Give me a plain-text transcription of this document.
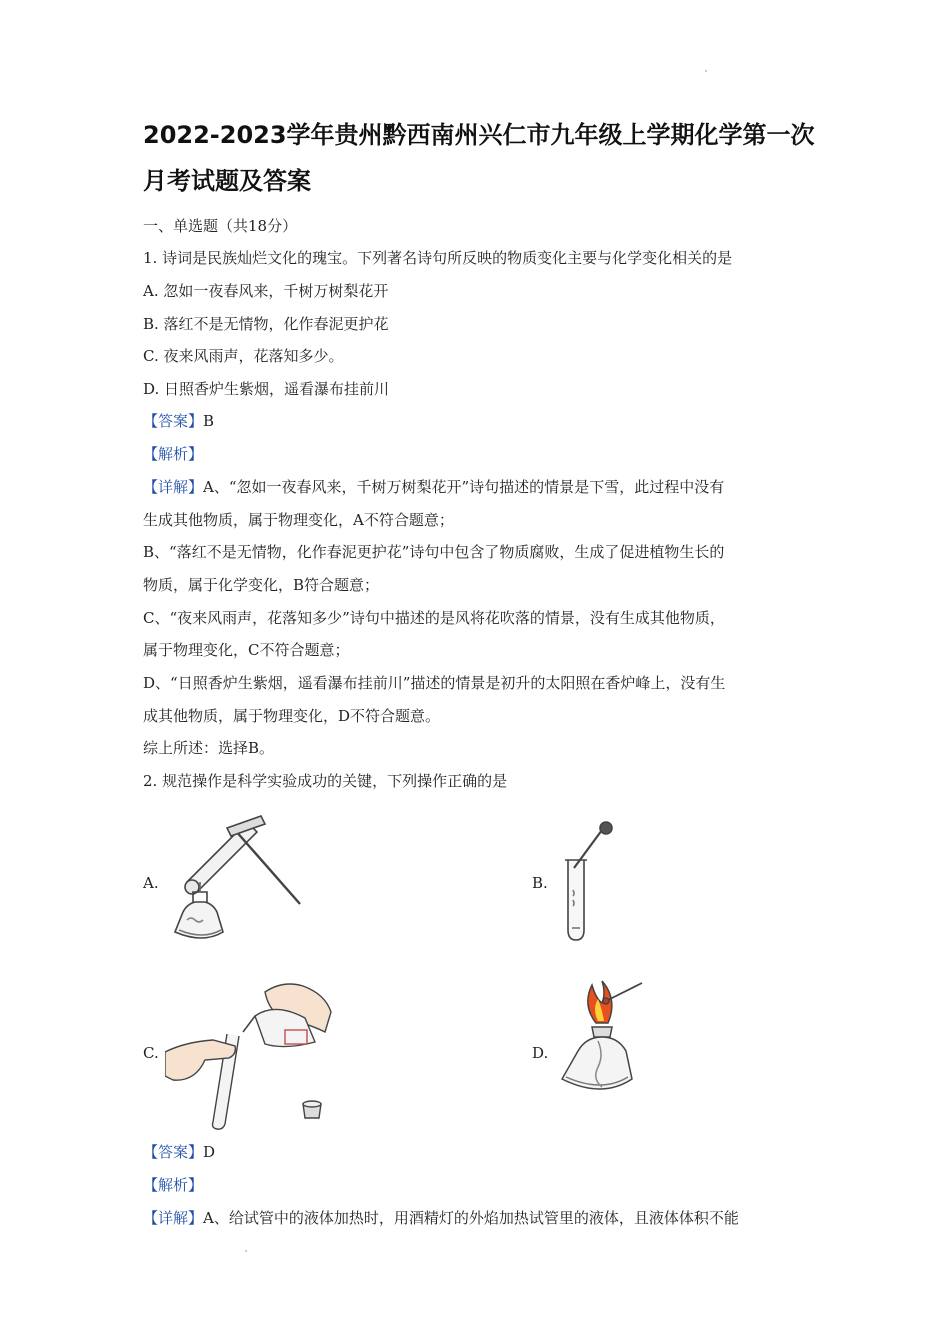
2022-2023学年贵州黔西南州兴仁市九年级上学期化学第一次月考试题及答案
一、单选题（共18分）
1. 诗词是民族灿烂文化的瑰宝。下列著名诗句所反映的物质变化主要与化学变化相关的是
A. 忽如一夜春风来，千树万树梨花开
B. 落红不是无情物，化作春泥更护花
C. 夜来风雨声，花落知多少。
D. 日照香炉生紫烟，遥看瀑布挂前川
【答案】B
【解析】
【详解】A、“忽如一夜春风来，千树万树梨花开”诗句描述的情景是下雪，此过程中没有
生成其他物质，属于物理变化，A不符合题意；
B、“落红不是无情物，化作春泥更护花”诗句中包含了物质腐败，生成了促进植物生长的
物质，属于化学变化，B符合题意；
C、“夜来风雨声，花落知多少”诗句中描述的是风将花吹落的情景，没有生成其他物质，
属于物理变化，C不符合题意；
D、“日照香炉生紫烟，遥看瀑布挂前川”描述的情景是初升的太阳照在香炉峰上，没有生
成其他物质，属于物理变化，D不符合题意。
综上所述：选择B。
2. 规范操作是科学实验成功的关键，下列操作正确的是
A.	B.
C.	D.
【答案】D
【解析】
【详解】A、给试管中的液体加热时，用酒精灯的外焰加热试管里的液体，且液体体积不能
